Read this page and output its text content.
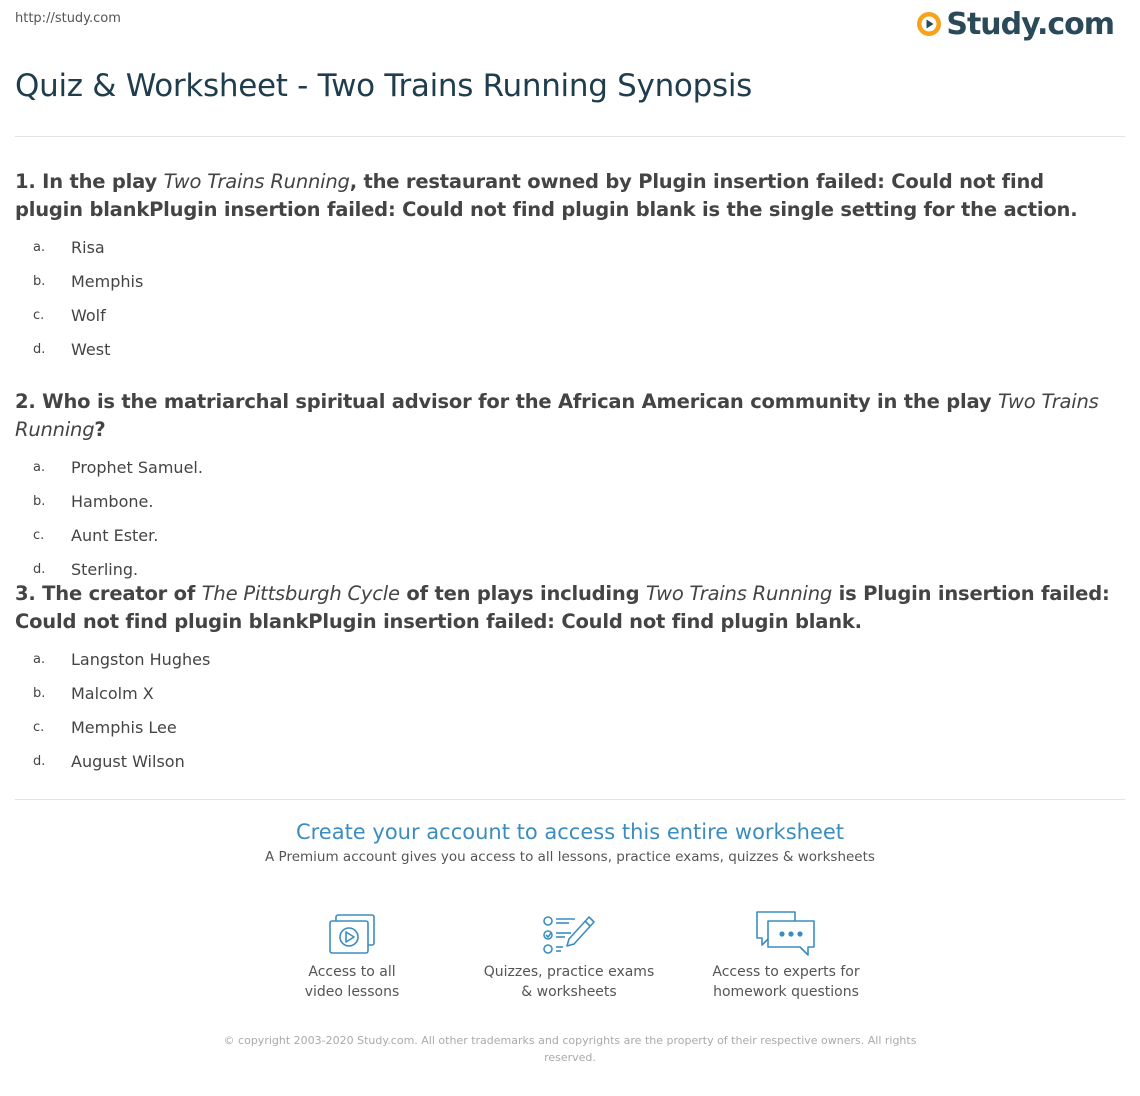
http://study.com	Study.com
Quiz & Worksheet - Two Trains Running Synopsis

1. In the play Two Trains Running, the restaurant owned by Plugin insertion failed: Could not find plugin blankPlugin insertion failed: Could not find plugin blank is the single setting for the action.

a.	Risa
b.	Memphis
c.	Wolf
d.	West

2. Who is the matriarchal spiritual advisor for the African American community in the play Two Trains Running?

a.	Prophet Samuel.
b.	Hambone.
c.	Aunt Ester.
d.	Sterling.

3. The creator of The Pittsburgh Cycle of ten plays including Two Trains Running is Plugin insertion failed: Could not find plugin blankPlugin insertion failed: Could not find plugin blank.

a.	Langston Hughes
b.	Malcolm X
c.	Memphis Lee
d.	August Wilson

Create your account to access this entire worksheet

A Premium account gives you access to all lessons, practice exams, quizzes & worksheets
Access to all
video lessons
Quizzes, practice exams
& worksheets
Access to experts for
homework questions
© copyright 2003-2020 Study.com. All other trademarks and copyrights are the property of their respective owners. All rights reserved.
